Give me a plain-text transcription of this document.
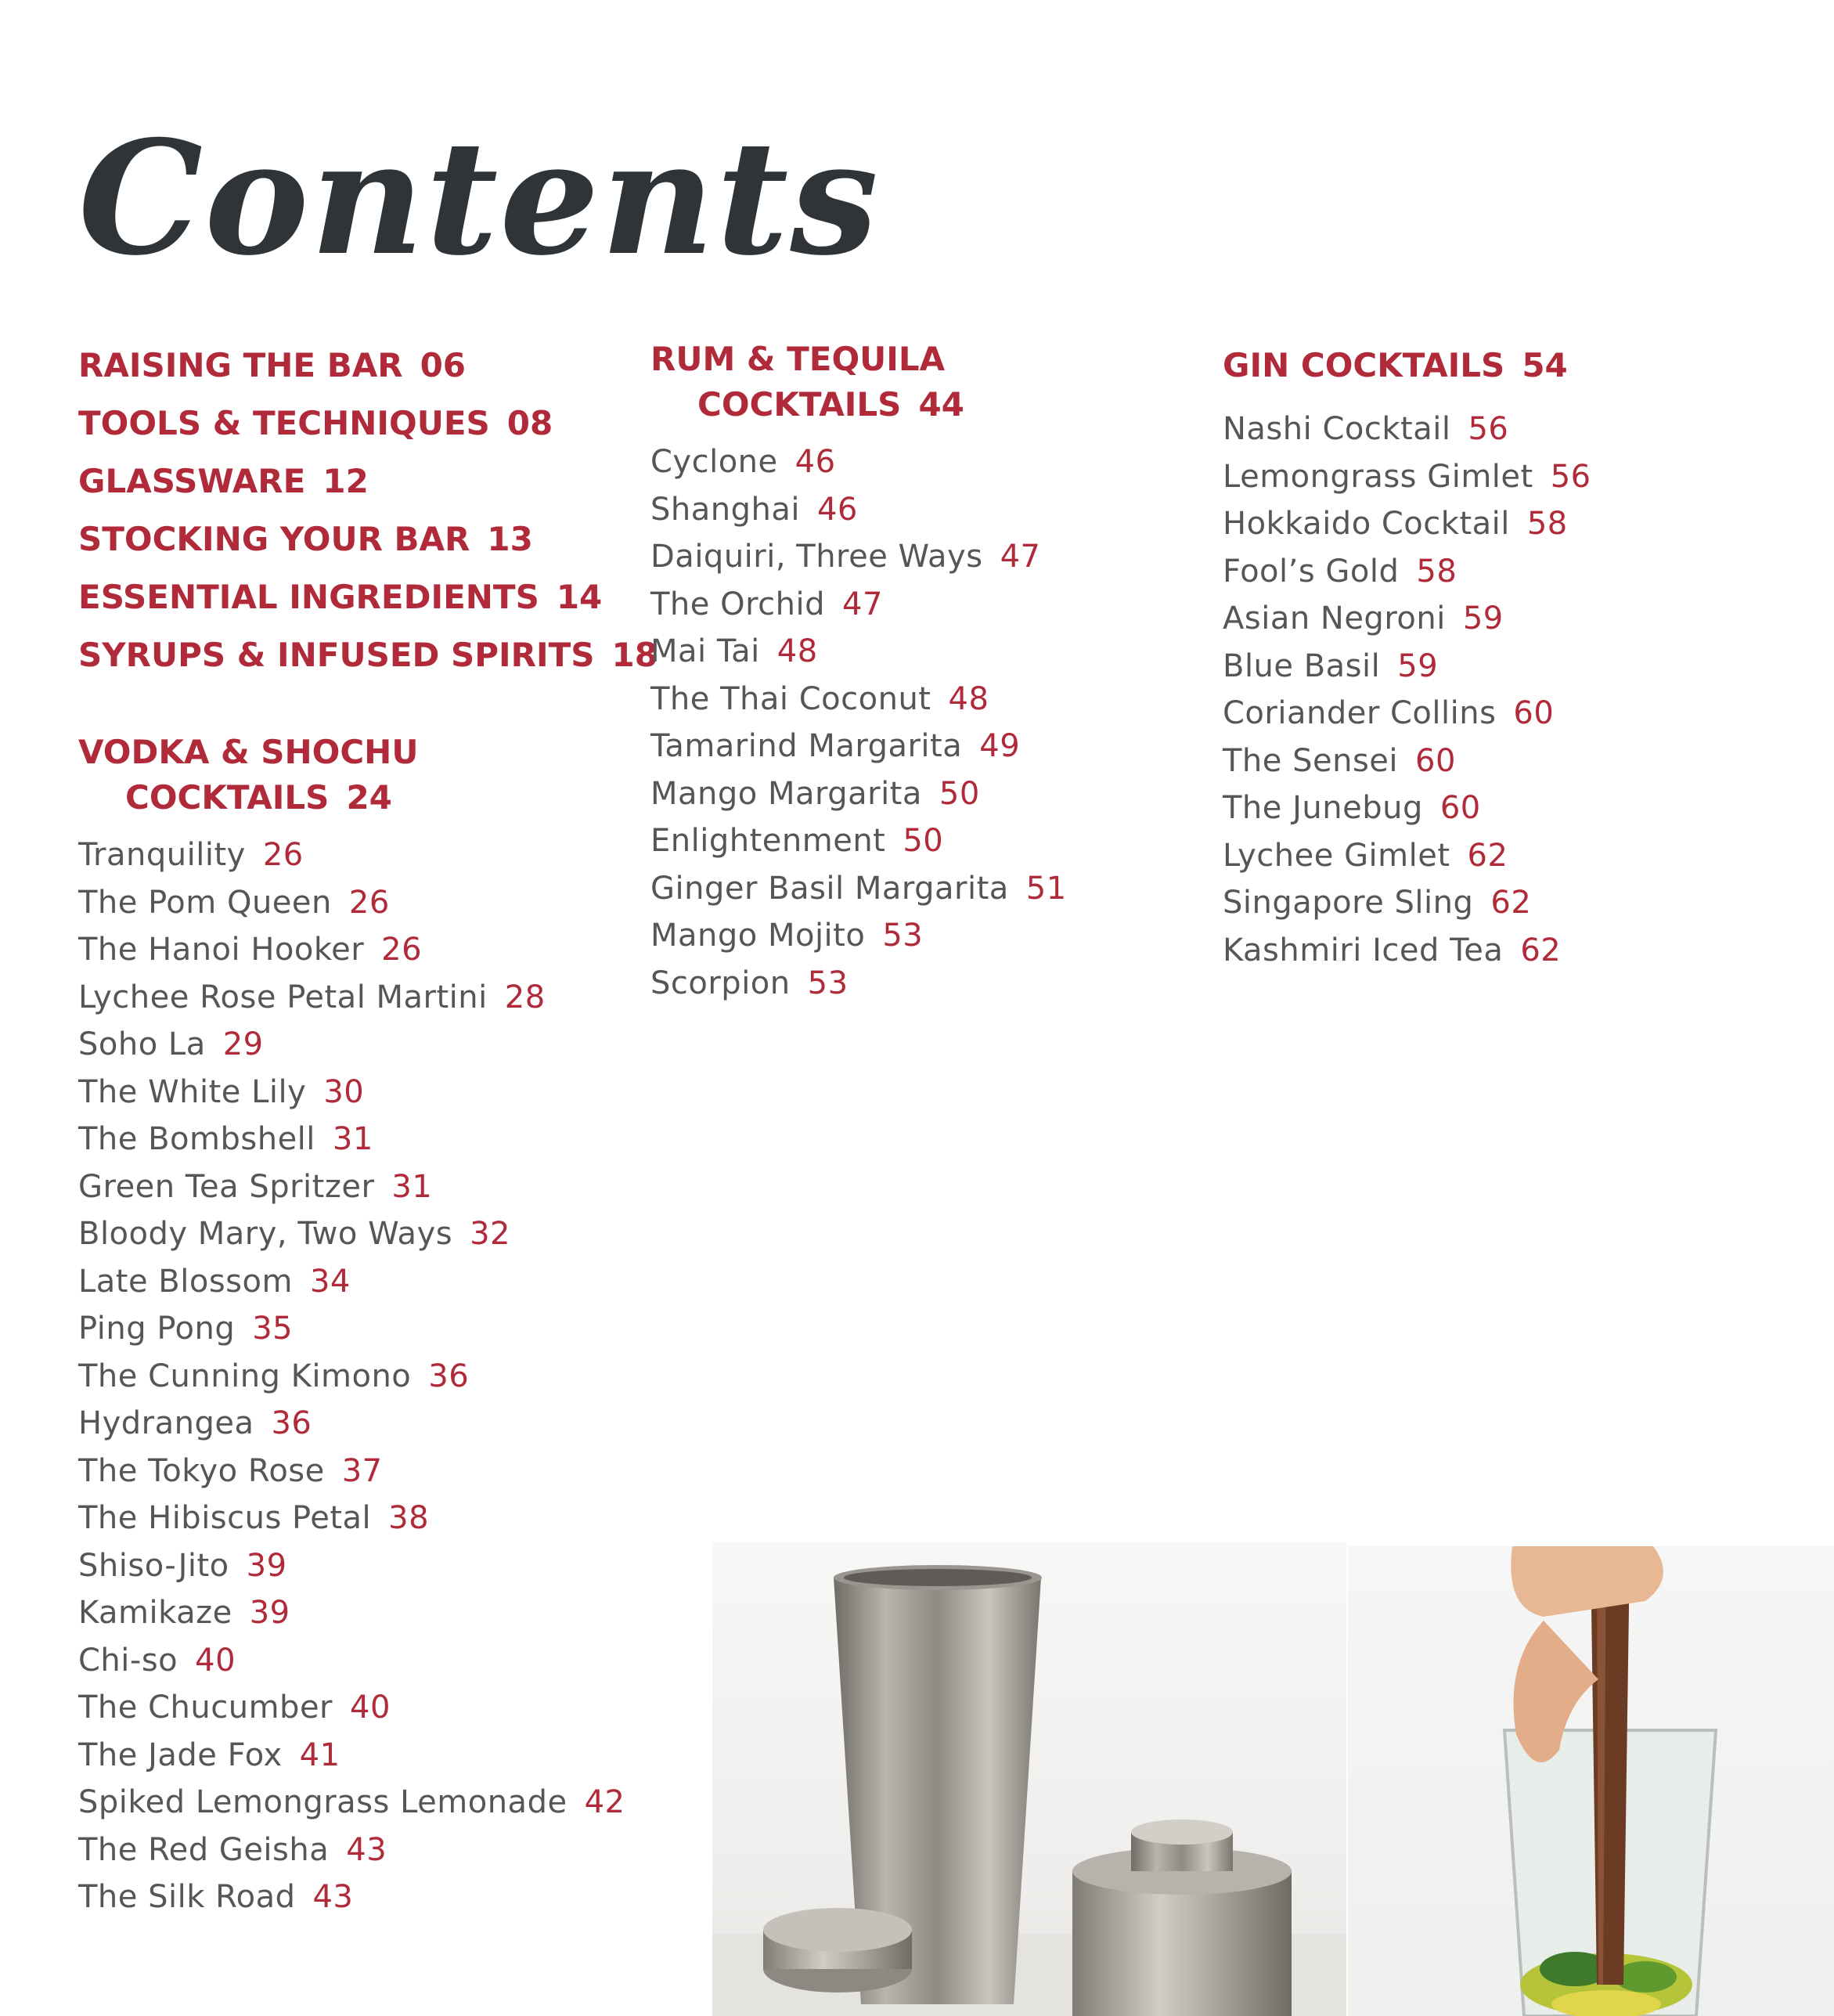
Contents
RAISING THE BAR 06
TOOLS & TECHNIQUES 08
GLASSWARE 12
STOCKING YOUR BAR 13
ESSENTIAL INGREDIENTS 14
SYRUPS & INFUSED SPIRITS 18
VODKA & SHOCHU
COCKTAILS 24
Tranquility 26
The Pom Queen 26
The Hanoi Hooker 26
Lychee Rose Petal Martini 28
Soho La 29
The White Lily 30
The Bombshell 31
Green Tea Spritzer 31
Bloody Mary, Two Ways 32
Late Blossom 34
Ping Pong 35
The Cunning Kimono 36
Hydrangea 36
The Tokyo Rose 37
The Hibiscus Petal 38
Shiso-Jito 39
Kamikaze 39
Chi-so 40
The Chucumber 40
The Jade Fox 41
Spiked Lemongrass Lemonade 42
The Red Geisha 43
The Silk Road 43
RUM & TEQUILA
COCKTAILS 44
Cyclone 46
Shanghai 46
Daiquiri, Three Ways 47
The Orchid 47
Mai Tai 48
The Thai Coconut 48
Tamarind Margarita 49
Mango Margarita 50
Enlightenment 50
Ginger Basil Margarita 51
Mango Mojito 53
Scorpion 53
GIN COCKTAILS 54
Nashi Cocktail 56
Lemongrass Gimlet 56
Hokkaido Cocktail 58
Fool’s Gold 58
Asian Negroni 59
Blue Basil 59
Coriander Collins 60
The Sensei 60
The Junebug 60
Lychee Gimlet 62
Singapore Sling 62
Kashmiri Iced Tea 62
